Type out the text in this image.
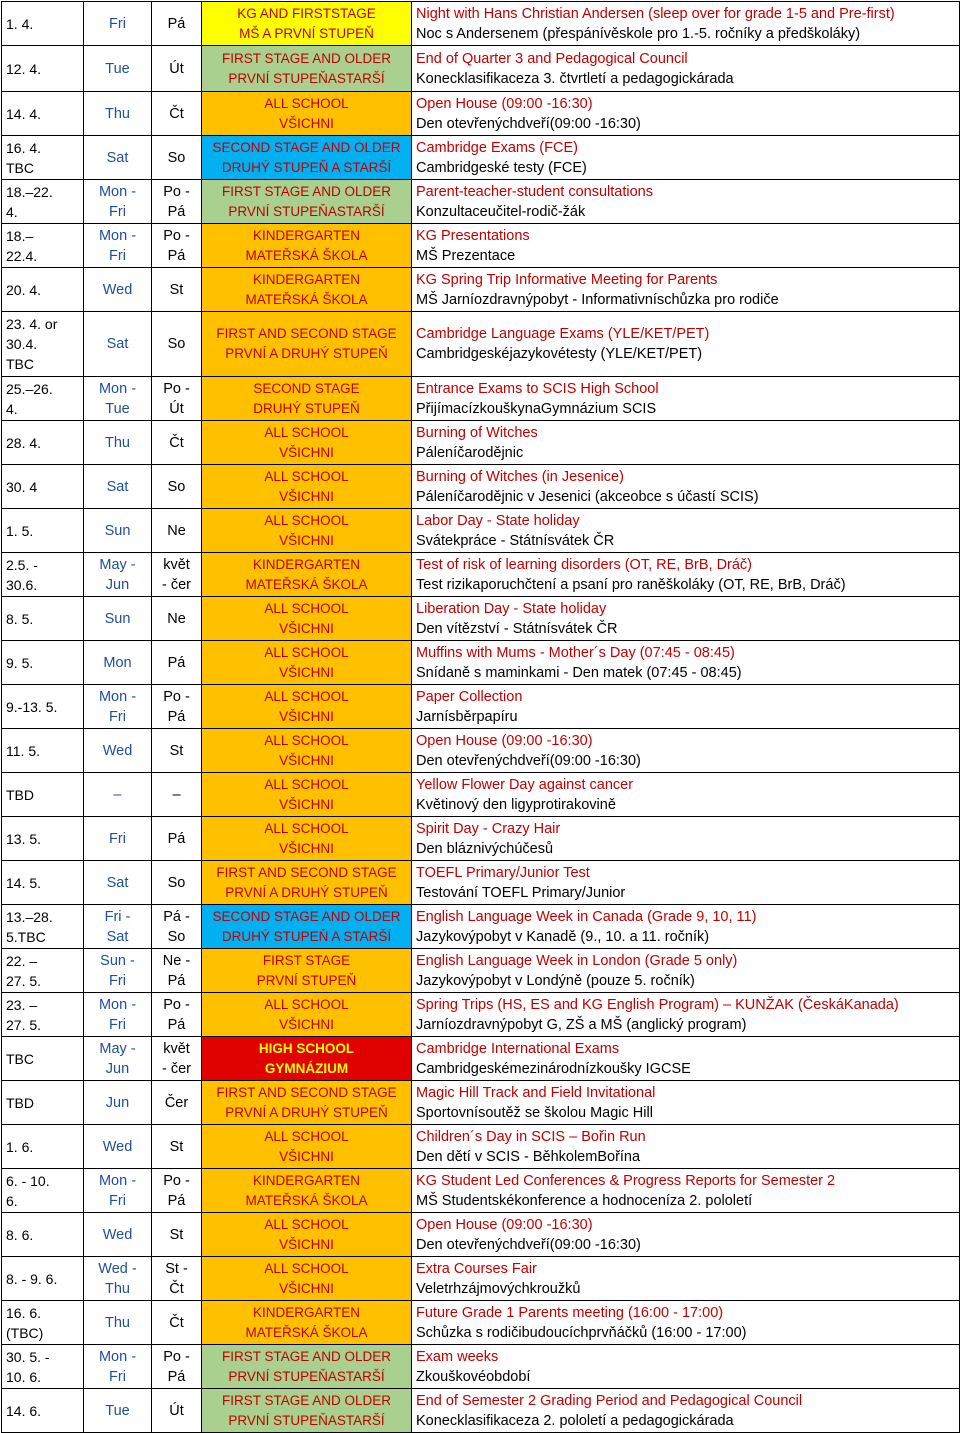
1. 4.	Fri	Pá	KG AND FIRSTSTAGE
MŠ A PRVNÍ STUPEŇ	Night with Hans Christian Andersen (sleep over for grade 1-5 and Pre-first)
Noc s Andersenem (přespánívěskole pro 1.-5. ročníky a předškoláky)

12. 4.	Tue	Út	FIRST STAGE AND OLDER
PRVNÍ STUPEŇASTARŠÍ	End of Quarter 3 and Pedagogical Council
Konecklasifikaceza 3. čtvrtletí a pedagogickárada

14. 4.	Thu	Čt	ALL SCHOOL
VŠICHNI	Open House (09:00 -16:30)
Den otevřenýchdveří(09:00 -16:30)

16. 4.
TBC	Sat	So	SECOND STAGE AND OLDER
DRUHÝ STUPEŇ A STARŠÍ	Cambridge Exams (FCE)
Cambridgeské testy (FCE)

18.–22.
4.	Mon -
Fri	Po -
Pá	FIRST STAGE AND OLDER
PRVNÍ STUPEŇASTARŠÍ	Parent-teacher-student consultations
Konzultaceučitel-rodič-žák

18.–
22.4.	Mon -
Fri	Po -
Pá	KINDERGARTEN
MATEŘSKÁ ŠKOLA	KG Presentations
MŠ Prezentace

20. 4.	Wed	St	KINDERGARTEN
MATEŘSKÁ ŠKOLA	KG Spring Trip Informative Meeting for Parents
MŠ Jarníozdravnýpobyt - Informativníschůzka pro rodiče

23. 4. or
30.4.
TBC	Sat	So	FIRST AND SECOND STAGE
PRVNÍ A DRUHÝ STUPEŇ	Cambridge Language Exams (YLE/KET/PET)
Cambridgeskéjazykovétesty (YLE/KET/PET)

25.–26.
4.	Mon -
Tue	Po -
Út	SECOND STAGE
DRUHÝ STUPEŇ	Entrance Exams to SCIS High School
PřijímacízkouškynaGymnázium SCIS

28. 4.	Thu	Čt	ALL SCHOOL
VŠICHNI	Burning of Witches
Páleníčarodějnic

30. 4	Sat	So	ALL SCHOOL
VŠICHNI	Burning of Witches (in Jesenice)
Páleníčarodějnic v Jesenici (akceobce s účastí SCIS)

1. 5.	Sun	Ne	ALL SCHOOL
VŠICHNI	Labor Day - State holiday
Svátekpráce - Státnísvátek ČR

2.5. -
30.6.	May -
Jun	květ
- čer	KINDERGARTEN
MATEŘSKÁ ŠKOLA	Test of risk of learning disorders (OT, RE, BrB, Dráč)
Test rizikaporuchčtení a psaní pro raněškoláky (OT, RE, BrB, Dráč)

8. 5.	Sun	Ne	ALL SCHOOL
VŠICHNI	Liberation Day - State holiday
Den vítězství - Státnísvátek ČR

9. 5.	Mon	Pá	ALL SCHOOL
VŠICHNI	Muffins with Mums - Mother´s Day (07:45 - 08:45)
Snídaně s maminkami - Den matek (07:45 - 08:45)

9.-13. 5.	Mon -
Fri	Po -
Pá	ALL SCHOOL
VŠICHNI	Paper Collection
Jarnísběrpapíru

11. 5.	Wed	St	ALL SCHOOL
VŠICHNI	Open House (09:00 -16:30)
Den otevřenýchdveří(09:00 -16:30)

TBD	–	–	ALL SCHOOL
VŠICHNI	Yellow Flower Day against cancer
Květinový den ligyprotirakovině

13. 5.	Fri	Pá	ALL SCHOOL
VŠICHNI	Spirit Day - Crazy Hair
Den bláznivýchúčesů

14. 5.	Sat	So	FIRST AND SECOND STAGE
PRVNÍ A DRUHÝ STUPEŇ	TOEFL Primary/Junior Test
Testování TOEFL Primary/Junior

13.–28.
5.TBC	Fri -
Sat	Pá -
So	SECOND STAGE AND OLDER
DRUHÝ STUPEŇ A STARŠÍ	English Language Week in Canada (Grade 9, 10, 11)
Jazykovýpobyt v Kanadě (9., 10. a 11. ročník)

22. –
27. 5.	Sun -
Fri	Ne -
Pá	FIRST STAGE
PRVNÍ STUPEŇ	English Language Week in London (Grade 5 only)
Jazykovýpobyt v Londýně (pouze 5. ročník)

23. –
27. 5.	Mon -
Fri	Po -
Pá	ALL SCHOOL
VŠICHNI	Spring Trips (HS, ES and KG English Program) – KUNŽAK (ČeskáKanada)
Jarníozdravnýpobyt G, ZŠ a MŠ (anglický program)

TBC	May -
Jun	květ
- čer	HIGH SCHOOL
GYMNÁZIUM	Cambridge International Exams
Cambridgeskémezinárodnízkoušky IGCSE

TBD	Jun	Čer	FIRST AND SECOND STAGE
PRVNÍ A DRUHÝ STUPEŇ	Magic Hill Track and Field Invitational
Sportovnísoutěž se školou Magic Hill

1. 6.	Wed	St	ALL SCHOOL
VŠICHNI	Children´s Day in SCIS – Bořin Run
Den dětí v SCIS - BěhkolemBořína

6. - 10.
6.	Mon -
Fri	Po -
Pá	KINDERGARTEN
MATEŘSKÁ ŠKOLA	KG Student Led Conferences & Progress Reports for Semester 2
MŠ Studentskékonference a hodnoceníza 2. pololetí

8. 6.	Wed	St	ALL SCHOOL
VŠICHNI	Open House (09:00 -16:30)
Den otevřenýchdveří(09:00 -16:30)

8. - 9. 6.	Wed -
Thu	St -
Čt	ALL SCHOOL
VŠICHNI	Extra Courses Fair
Veletrhzájmovýchkroužků

16. 6.
(TBC)	Thu	Čt	KINDERGARTEN
MATEŘSKÁ ŠKOLA	Future Grade 1 Parents meeting (16:00 - 17:00)
Schůzka s rodičibudoucíchprvňáčků (16:00 - 17:00)

30. 5. -
10. 6.	Mon -
Fri	Po -
Pá	FIRST STAGE AND OLDER
PRVNÍ STUPEŇASTARŠÍ	Exam weeks
Zkouškovéobdobí

14. 6.	Tue	Út	FIRST STAGE AND OLDER
PRVNÍ STUPEŇASTARŠÍ	End of Semester 2 Grading Period and Pedagogical Council
Konecklasifikaceza 2. pololetí a pedagogickárada
